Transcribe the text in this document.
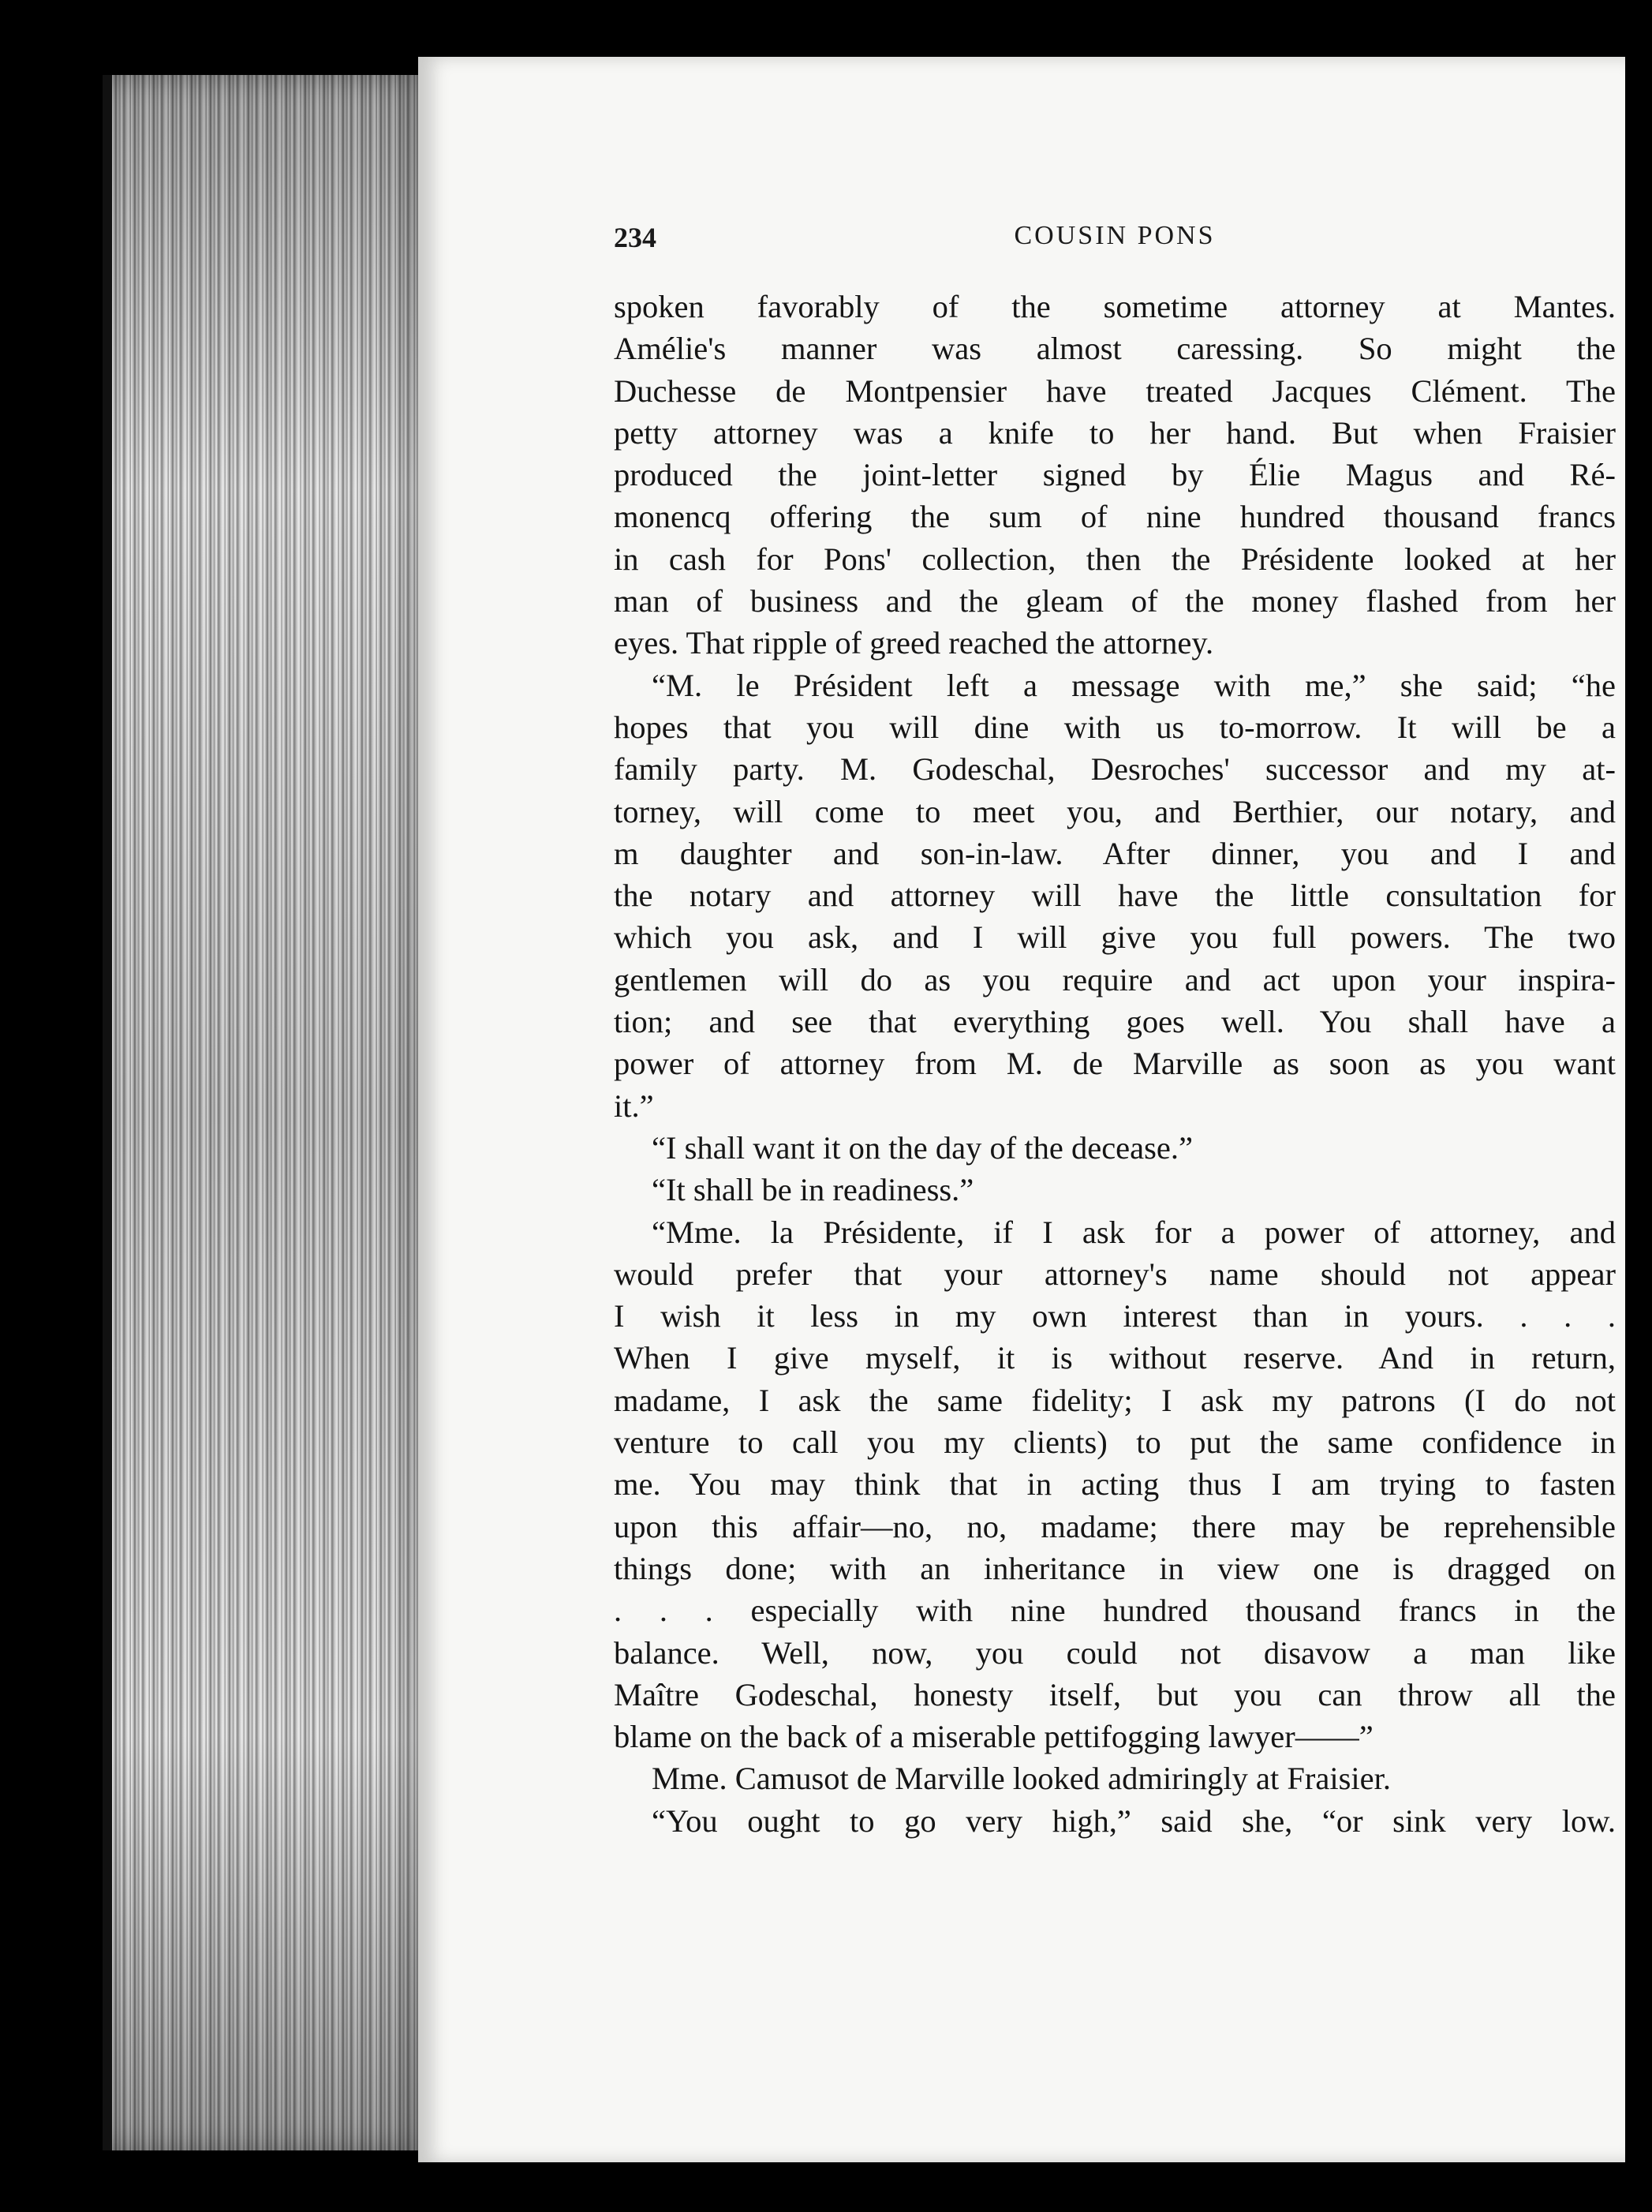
234	COUSIN PONS
spoken favorably of the sometime attorney at Mantes.
Amélie's manner was almost caressing. So might the
Duchesse de Montpensier have treated Jacques Clément. The
petty attorney was a knife to her hand. But when Fraisier
produced the joint-letter signed by Élie Magus and Ré-
monencq offering the sum of nine hundred thousand francs
in cash for Pons' collection, then the Présidente looked at her
man of business and the gleam of the money flashed from her
eyes. That ripple of greed reached the attorney.
“M. le Président left a message with me,” she said; “he
hopes that you will dine with us to-morrow. It will be a
family party. M. Godeschal, Desroches' successor and my at-
torney, will come to meet you, and Berthier, our notary, and
m daughter and son-in-law. After dinner, you and I and
the notary and attorney will have the little consultation for
which you ask, and I will give you full powers. The two
gentlemen will do as you require and act upon your inspira-
tion; and see that everything goes well. You shall have a
power of attorney from M. de Marville as soon as you want
it.”
“I shall want it on the day of the decease.”
“It shall be in readiness.”
“Mme. la Présidente, if I ask for a power of attorney, and
would prefer that your attorney's name should not appear
I wish it less in my own interest than in yours. . . .
When I give myself, it is without reserve. And in return,
madame, I ask the same fidelity; I ask my patrons (I do not
venture to call you my clients) to put the same confidence in
me. You may think that in acting thus I am trying to fasten
upon this affair—no, no, madame; there may be reprehensible
things done; with an inheritance in view one is dragged on
. . . especially with nine hundred thousand francs in the
balance. Well, now, you could not disavow a man like
Maître Godeschal, honesty itself, but you can throw all the
blame on the back of a miserable pettifogging lawyer——”
Mme. Camusot de Marville looked admiringly at Fraisier.
“You ought to go very high,” said she, “or sink very low.
